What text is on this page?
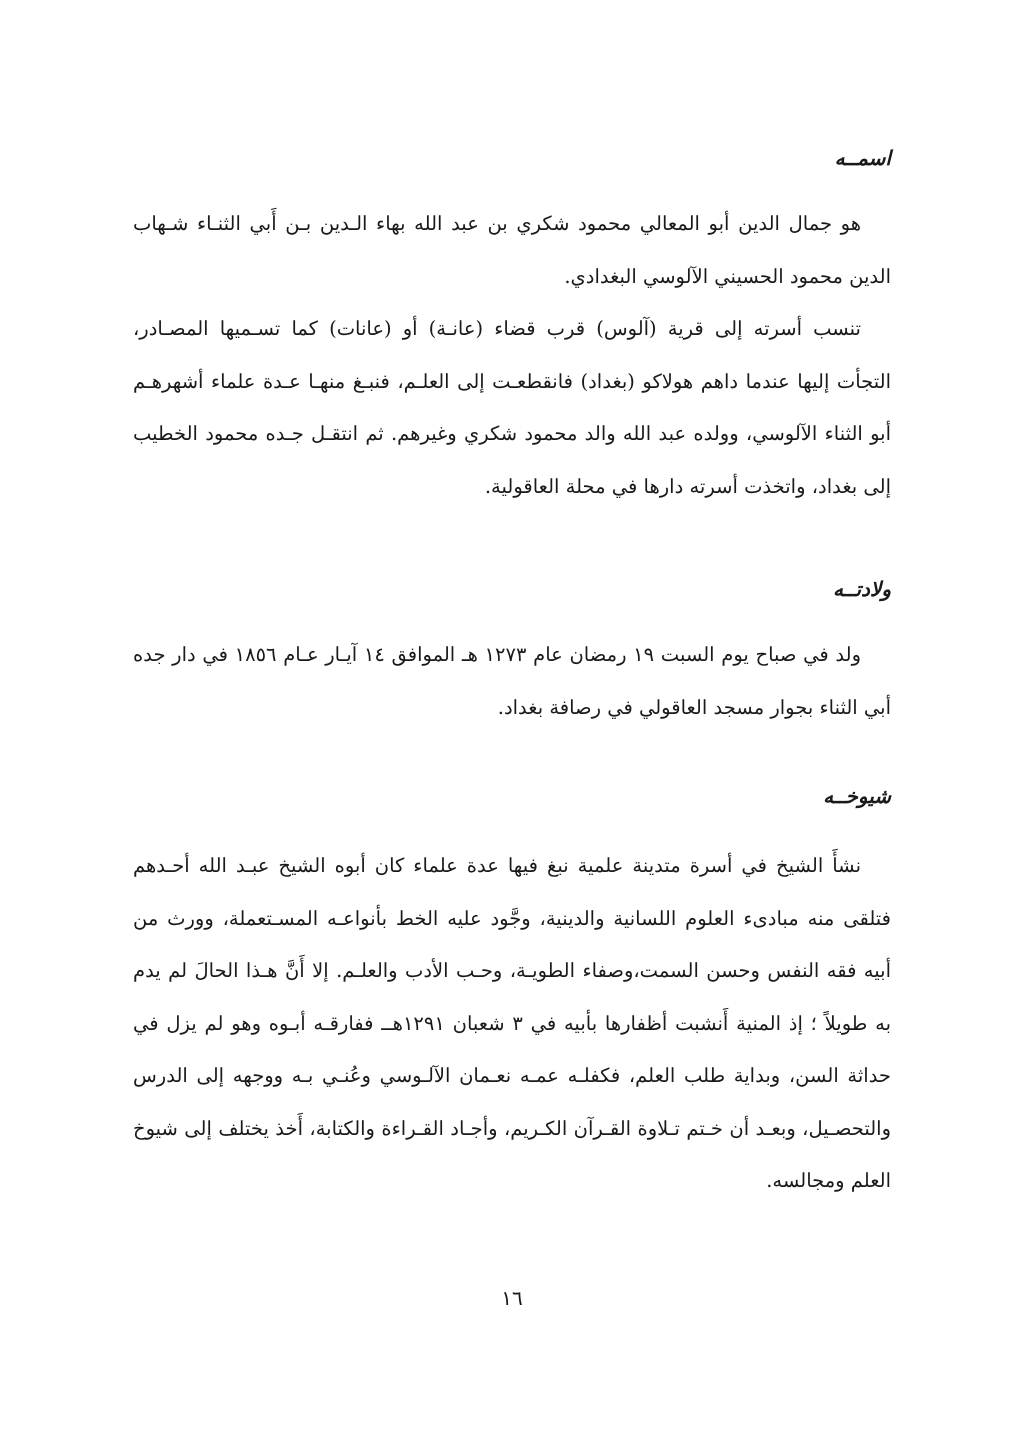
اسمــه

هو جمال الدين أبو المعالي محمود شكري بن عبد الله بهاء الـدين بـن أَبي الثنـاء شـهاب الدين محمود الحسيني الآلوسي البغدادي.

تنسب أسرته إلى قرية (آلوس) قرب قضاء (عانـة) أو (عانات) كما تسـميها المصـادر، التجأت إليها عندما داهم هولاكو (بغداد) فانقطعـت إلى العلـم، فنبـغ منهـا عـدة علماء أشهرهـم أبو الثناء الآلوسي، وولده عبد الله والد محمود شكري وغيرهم. ثم انتقـل جـده محمود الخطيب إلى بغداد، واتخذت أسرته دارها في محلة العاقولية.

ولادتــه

ولد في صباح يوم السبت ١٩ رمضان عام ١٢٧٣ هـ الموافق ١٤ آيـار عـام ١٨٥٦ في دار جده أبي الثناء بجوار مسجد العاقولي في رصافة بغداد.

شيوخــه

نشأَ الشيخ في أسرة متدينة علمية نبغ فيها عدة علماء كان أبوه الشيخ عبـد الله أحـدهم فتلقى منه مبادىء العلوم اللسانية والدينية، وجَّود عليه الخط بأنواعـه المسـتعملة، وورث من أبيه فقه النفس وحسن السمت،وصفاء الطويـة، وحـب الأدب والعلـم. إلا أَنَّ هـذا الحالَ لم يدم به طويلاً ؛ إذ المنية أَنشبت أظفارها بأبيه في ٣ شعبان ١٢٩١هــ ففارقـه أبـوه وهو لم يزل في حداثة السن، وبداية طلب العلم، فكفلـه عمـه نعـمان الآلـوسي وعُنـي بـه ووجهه إلى الدرس والتحصـيل، وبعـد أن خـتم تـلاوة القـرآن الكـريم، وأجـاد القـراءة والكتابة، أَخذ يختلف إلى شيوخ العلم ومجالسه.

١٦
